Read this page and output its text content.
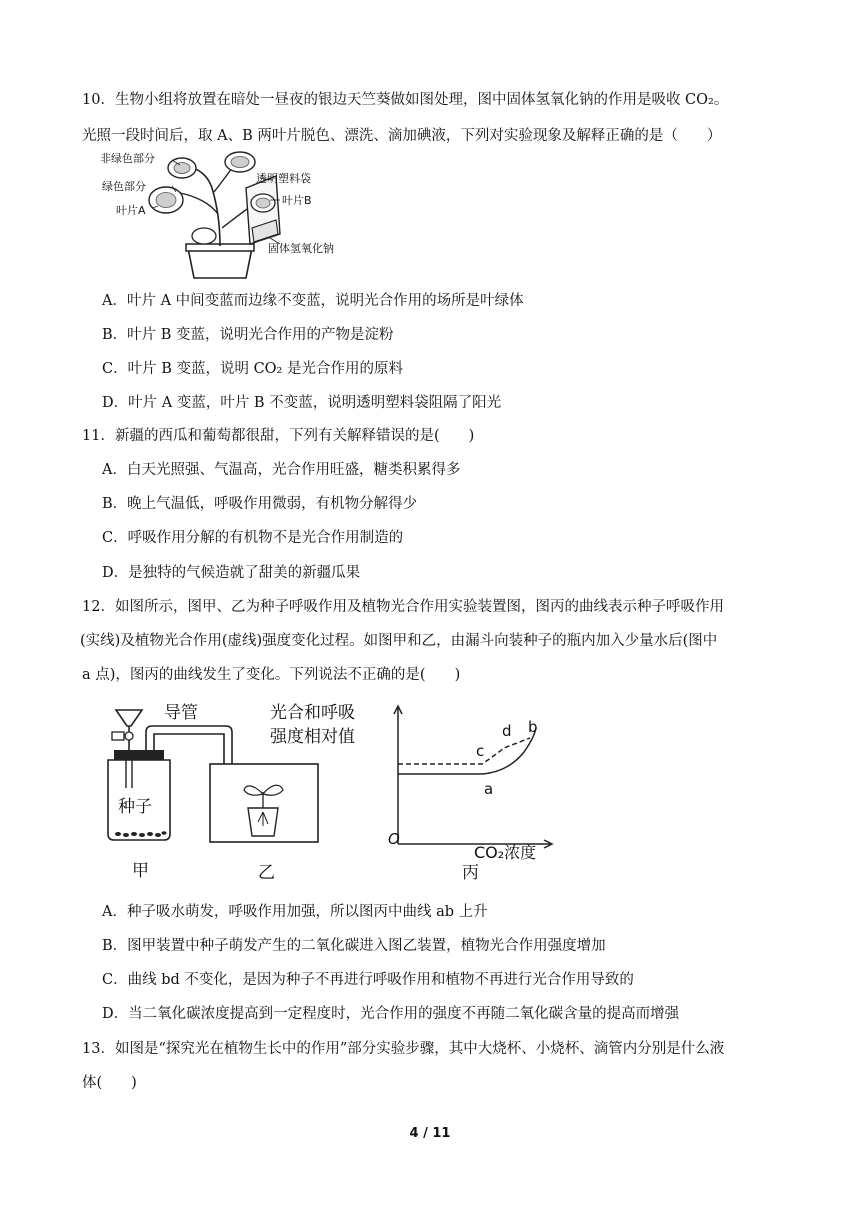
10．生物小组将放置在暗处一昼夜的银边天竺葵做如图处理，图中固体氢氧化钠的作用是吸收 CO₂。
光照一段时间后，取 A、B 两叶片脱色、漂洗、滴加碘液，下列对实验现象及解释正确的是（　　）
非绿色部分
绿色部分
叶片A
透明塑料袋
叶片B
固体氢氧化钠
A．叶片 A 中间变蓝而边缘不变蓝，说明光合作用的场所是叶绿体
B．叶片 B 变蓝，说明光合作用的产物是淀粉
C．叶片 B 变蓝，说明 CO₂ 是光合作用的原料
D．叶片 A 变蓝，叶片 B 不变蓝，说明透明塑料袋阻隔了阳光
11．新疆的西瓜和葡萄都很甜，下列有关解释错误的是(　　)
A．白天光照强、气温高，光合作用旺盛，糖类积累得多
B．晚上气温低，呼吸作用微弱，有机物分解得少
C．呼吸作用分解的有机物不是光合作用制造的
D．是独特的气候造就了甜美的新疆瓜果
12．如图所示，图甲、乙为种子呼吸作用及植物光合作用实验装置图，图丙的曲线表示种子呼吸作用
(实线)及植物光合作用(虚线)强度变化过程。如图甲和乙，由漏斗向装种子的瓶内加入少量水后(图中
a 点)，图丙的曲线发生了变化。下列说法不正确的是(　　)
导管
种子
甲	乙	丙
光合和呼吸
强度相对值
O
CO₂浓度
a
b
c
d
A．种子吸水萌发，呼吸作用加强，所以图丙中曲线 ab 上升
B．图甲装置中种子萌发产生的二氧化碳进入图乙装置，植物光合作用强度增加
C．曲线 bd 不变化，是因为种子不再进行呼吸作用和植物不再进行光合作用导致的
D．当二氧化碳浓度提高到一定程度时，光合作用的强度不再随二氧化碳含量的提高而增强
13．如图是“探究光在植物生长中的作用”部分实验步骤，其中大烧杯、小烧杯、滴管内分别是什么液
体(　　)
4 / 11
